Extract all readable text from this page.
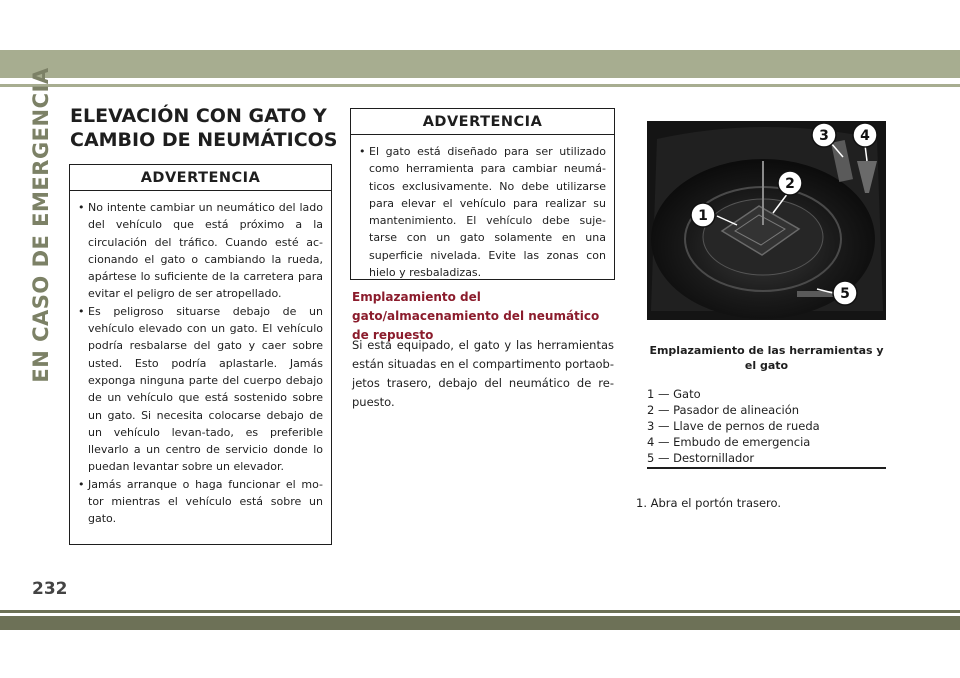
EN CASO DE EMERGENCIA ELEVACIÓN CON GATO Y
CAMBIO DE NEUMÁTICOS
ADVERTENCIA
• No intente cambiar un neumático del lado del vehículo que está próximo a la circulación del tráfico. Cuando esté ac-cionando el gato o cambiando la rueda, apártese lo suficiente de la carretera para evitar el peligro de ser atropellado.
• Es peligroso situarse debajo de un vehículo elevado con un gato. El vehículo podría resbalarse del gato y caer sobre usted. Esto podría aplastarle. Jamás exponga ninguna parte del cuerpo debajo de un vehículo que está sostenido sobre un gato. Si necesita colocarse debajo de un vehículo levan-tado, es preferible llevarlo a un centro de servicio donde lo puedan levantar sobre un elevador.
• Jamás arranque o haga funcionar el mo-tor mientras el vehículo está sobre un gato.
ADVERTENCIA
• El gato está diseñado para ser utilizado como herramienta para cambiar neumá-ticos exclusivamente. No debe utilizarse para elevar el vehículo para realizar su mantenimiento. El vehículo debe suje-tarse con un gato solamente en una superficie nivelada. Evite las zonas con hielo y resbaladizas.
Emplazamiento del gato/almacenamiento del neumático de repuesto
Si está equipado, el gato y las herramientas están situadas en el compartimento portaob-jetos trasero, debajo del neumático de re-puesto.
1
2
3 4
5
Emplazamiento de las herramientas y el gato
1 — Gato
2 — Pasador de alineación
3 — Llave de pernos de rueda
4 — Embudo de emergencia
5 — Destornillador
1. Abra el portón trasero.
232
